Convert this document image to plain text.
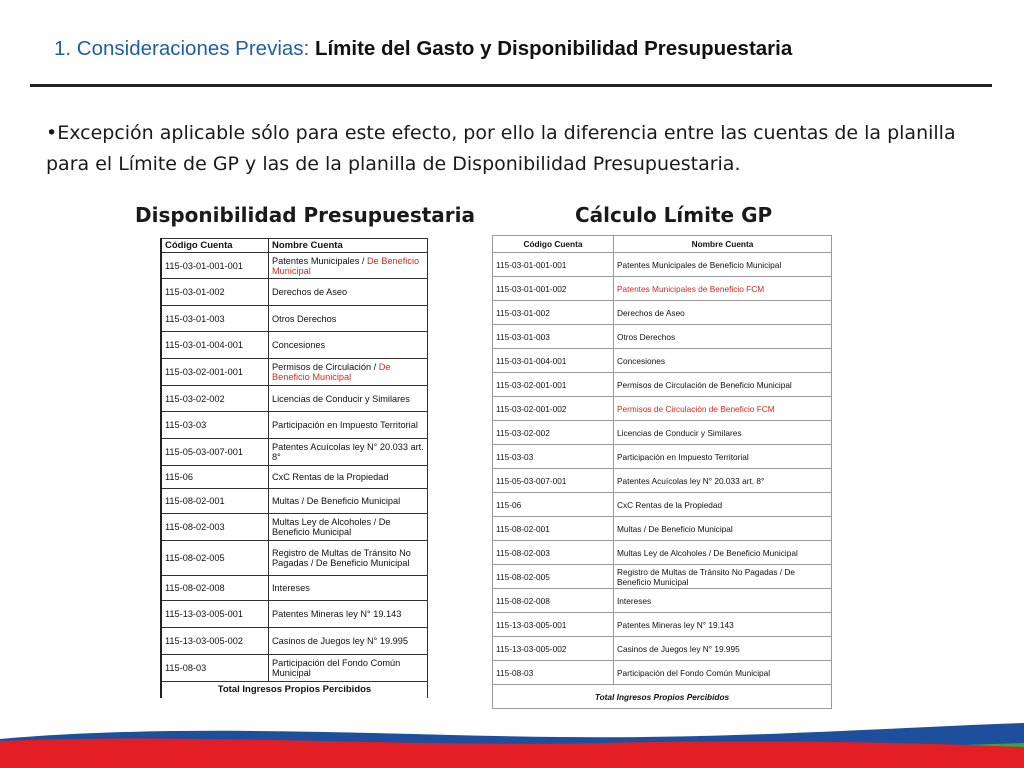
1. Consideraciones Previas: Límite del Gasto y Disponibilidad Presupuestaria
•Excepción aplicable sólo para este efecto, por ello la diferencia entre las cuentas de la planilla para el Límite de GP y las de la planilla de Disponibilidad Presupuestaria.
Disponibilidad Presupuestaria	Cálculo Límite GP
Código Cuenta	Nombre Cuenta
115-03-01-001-001	Patentes Municipales / De Beneficio Municipal
115-03-01-002	Derechos de Aseo
115-03-01-003	Otros Derechos
115-03-01-004-001	Concesiones
115-03-02-001-001	Permisos de Circulación / De Beneficio Municipal
115-03-02-002	Licencias de Conducir y Similares
115-03-03	Participación en Impuesto Territorial
115-05-03-007-001	Patentes Acuícolas ley N° 20.033 art. 8°
115-06	CxC Rentas de la Propiedad
115-08-02-001	Multas / De Beneficio Municipal
115-08-02-003	Multas Ley de Alcoholes / De Beneficio Municipal
115-08-02-005	Registro de Multas de Tránsito No Pagadas / De Beneficio Municipal
115-08-02-008	Intereses
115-13-03-005-001	Patentes Mineras ley N° 19.143
115-13-03-005-002	Casinos de Juegos ley N° 19.995
115-08-03	Participación del Fondo Común Municipal
Total Ingresos Propios Percibidos	
Código Cuenta	Nombre Cuenta
115-03-01-001-001	Patentes Municipales de Beneficio Municipal
115-03-01-001-002	Patentes Municipales de Beneficio FCM
115-03-01-002	Derechos de Aseo
115-03-01-003	Otros Derechos
115-03-01-004-001	Concesiones
115-03-02-001-001	Permisos de Circulación de Beneficio Municipal
115-03-02-001-002	Permisos de Circulación de Beneficio FCM
115-03-02-002	Licencias de Conducir y Similares
115-03-03	Participación en Impuesto Territorial
115-05-03-007-001	Patentes Acuícolas ley N° 20.033 art. 8°
115-06	CxC Rentas de la Propiedad
115-08-02-001	Multas / De Beneficio Municipal
115-08-02-003	Multas Ley de Alcoholes / De Beneficio Municipal
115-08-02-005	Registro de Multas de Tránsito No Pagadas / De Beneficio Municipal
115-08-02-008	Intereses
115-13-03-005-001	Patentes Mineras ley N° 19.143
115-13-03-005-002	Casinos de Juegos ley N° 19.995
115-08-03	Participación del Fondo Común Municipal
Total Ingresos Propios Percibidos	
